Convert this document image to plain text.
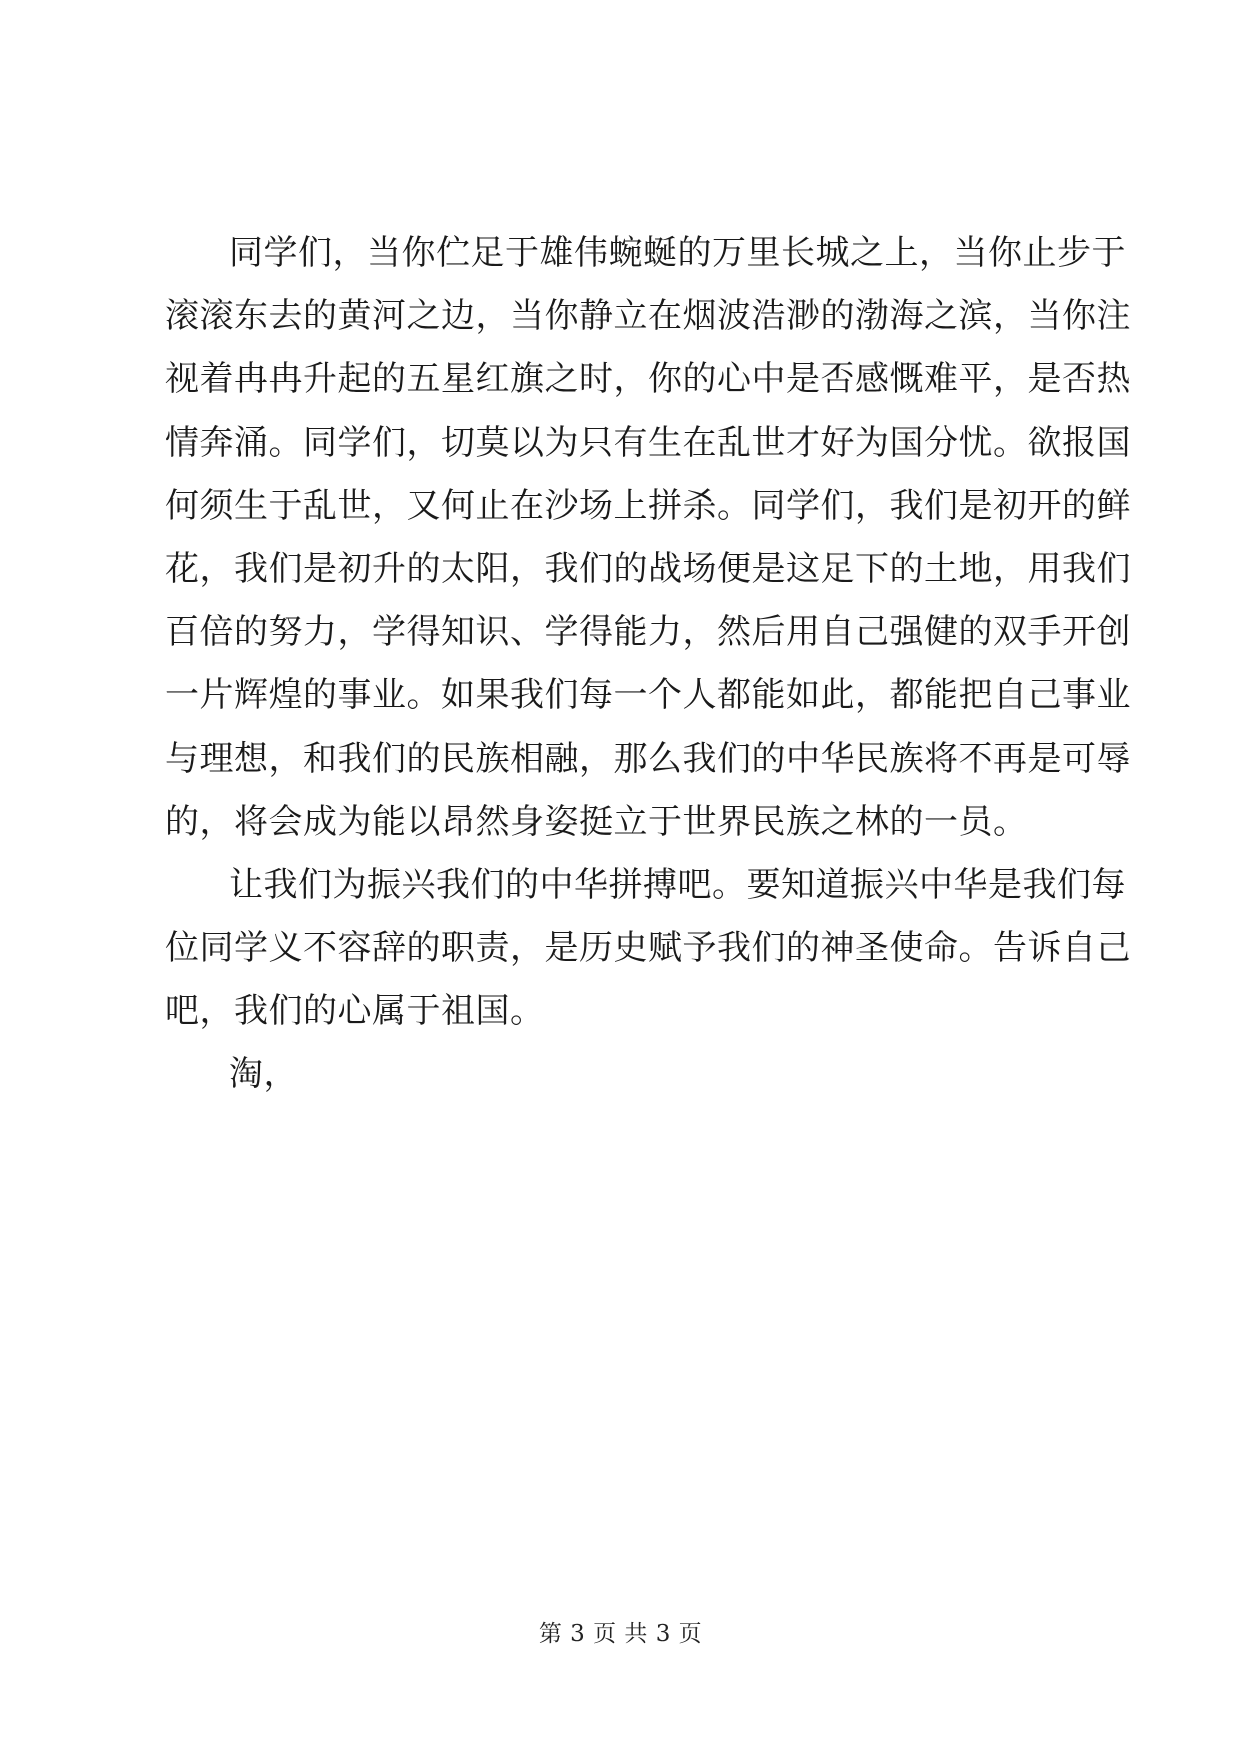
同学们，当你伫足于雄伟蜿蜒的万里长城之上，当你止步于
滚滚东去的黄河之边，当你静立在烟波浩渺的渤海之滨，当你注
视着冉冉升起的五星红旗之时，你的心中是否感慨难平，是否热
情奔涌。同学们，切莫以为只有生在乱世才好为国分忧。欲报国
何须生于乱世，又何止在沙场上拼杀。同学们，我们是初开的鲜
花，我们是初升的太阳，我们的战场便是这足下的土地，用我们
百倍的努力，学得知识、学得能力，然后用自己强健的双手开创
一片辉煌的事业。如果我们每一个人都能如此，都能把自己事业
与理想，和我们的民族相融，那么我们的中华民族将不再是可辱
的，将会成为能以昂然身姿挺立于世界民族之林的一员。
让我们为振兴我们的中华拼搏吧。要知道振兴中华是我们每
位同学义不容辞的职责，是历史赋予我们的神圣使命。告诉自己
吧，我们的心属于祖国。
淘，
第 3 页 共 3 页
